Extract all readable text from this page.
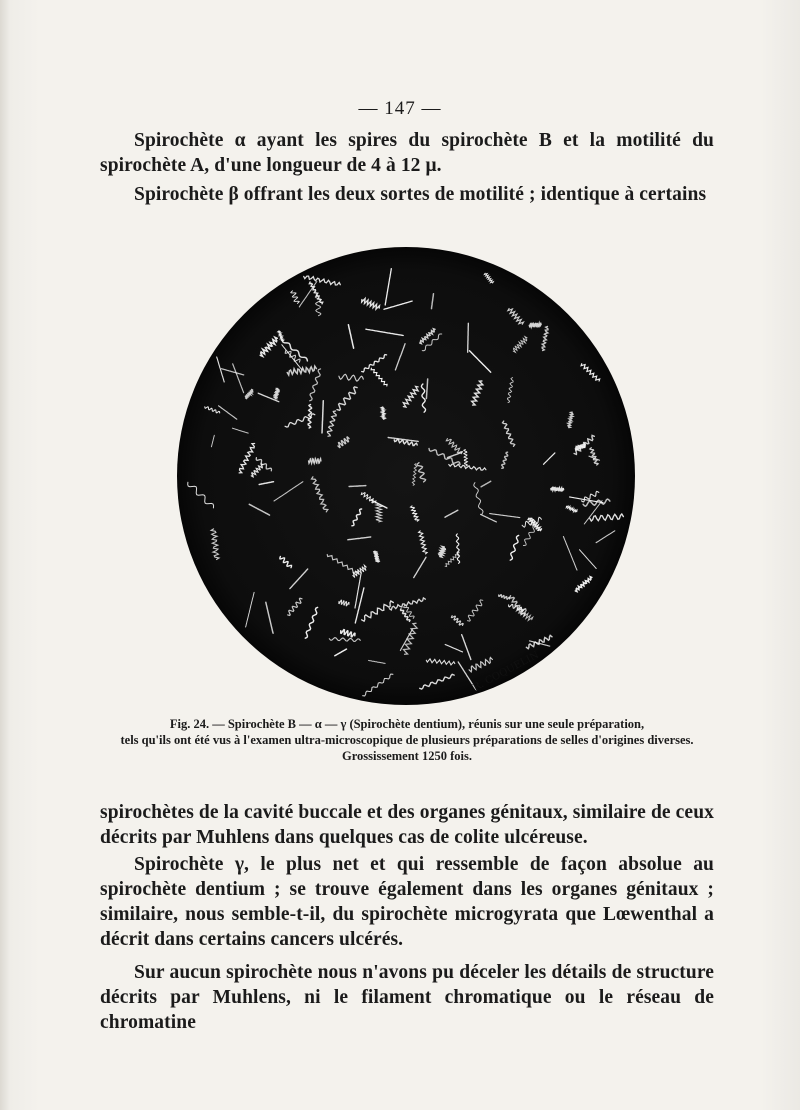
— 147 —

Spirochète α ayant les spires du spirochète B et la motilité du spirochète A, d'une longueur de 4 à 12 μ.

Spirochète β offrant les deux sortes de motilité ; identique à certains

R. COQUELIN
Fig. 24. — Spirochète B — α — γ (Spirochète dentium), réunis sur une seule préparation,
tels qu'ils ont été vus à l'examen ultra-microscopique de plusieurs préparations de selles d'origines diverses.
Grossissement 1250 fois.

spirochètes de la cavité buccale et des organes génitaux, similaire de ceux décrits par Muhlens dans quelques cas de colite ulcéreuse.

Spirochète γ, le plus net et qui ressemble de façon absolue au spirochète dentium ; se trouve également dans les organes génitaux ; similaire, nous semble-t-il, du spirochète microgyrata que Lœwenthal a décrit dans certains cancers ulcérés.

Sur aucun spirochète nous n'avons pu déceler les détails de structure décrits par Muhlens, ni le filament chromatique ou le réseau de chromatine
